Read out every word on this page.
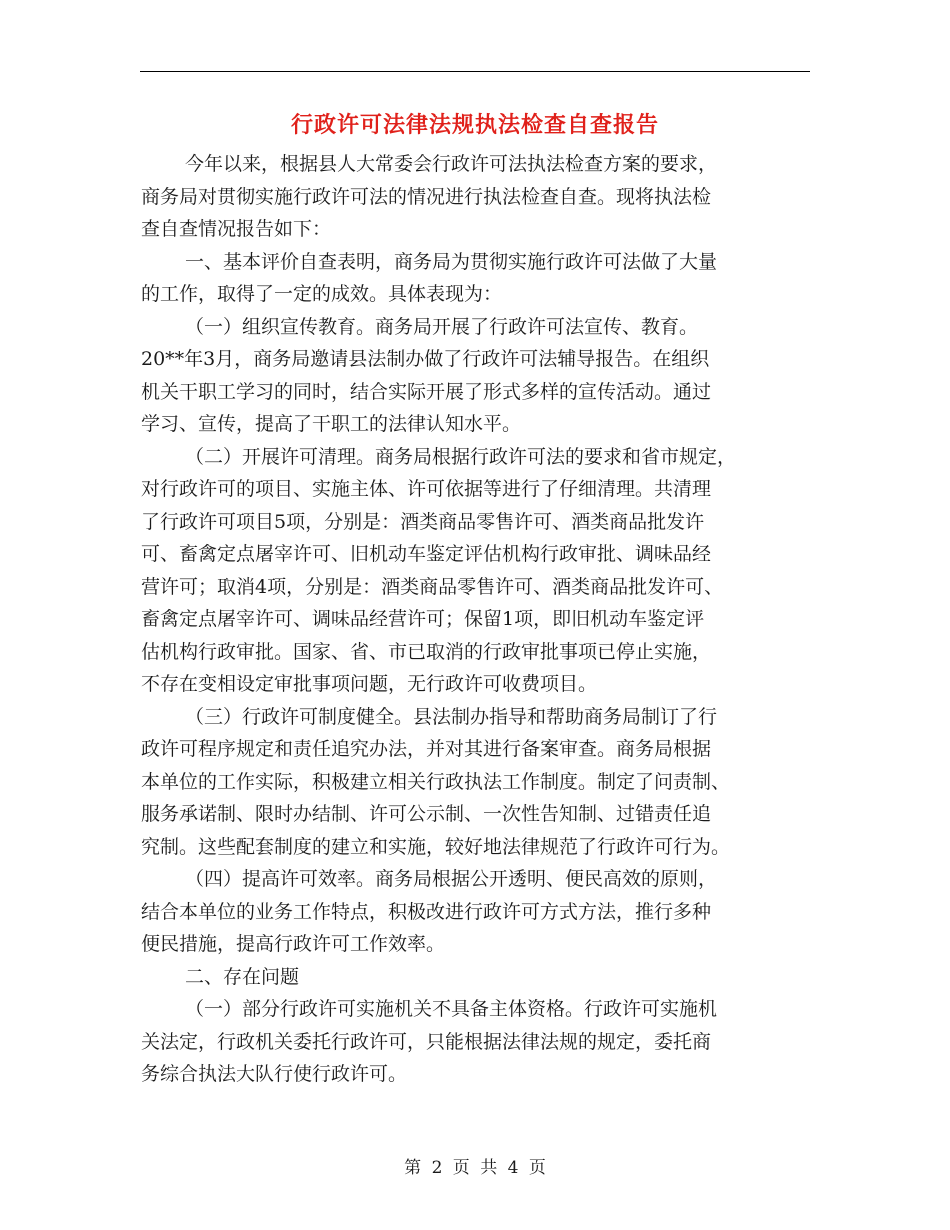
行政许可法律法规执法检查自查报告
今年以来，根据县人大常委会行政许可法执法检查方案的要求，
商务局对贯彻实施行政许可法的情况进行执法检查自查。现将执法检
查自查情况报告如下：
一、基本评价自查表明，商务局为贯彻实施行政许可法做了大量
的工作，取得了一定的成效。具体表现为：
（一）组织宣传教育。商务局开展了行政许可法宣传、教育。
20**年3月，商务局邀请县法制办做了行政许可法辅导报告。在组织
机关干职工学习的同时，结合实际开展了形式多样的宣传活动。通过
学习、宣传，提高了干职工的法律认知水平。
（二）开展许可清理。商务局根据行政许可法的要求和省市规定，
对行政许可的项目、实施主体、许可依据等进行了仔细清理。共清理
了行政许可项目5项，分别是：酒类商品零售许可、酒类商品批发许
可、畜禽定点屠宰许可、旧机动车鉴定评估机构行政审批、调味品经
营许可；取消4项，分别是：酒类商品零售许可、酒类商品批发许可、
畜禽定点屠宰许可、调味品经营许可；保留1项，即旧机动车鉴定评
估机构行政审批。国家、省、市已取消的行政审批事项已停止实施，
不存在变相设定审批事项问题，无行政许可收费项目。
（三）行政许可制度健全。县法制办指导和帮助商务局制订了行
政许可程序规定和责任追究办法，并对其进行备案审查。商务局根据
本单位的工作实际，积极建立相关行政执法工作制度。制定了问责制、
服务承诺制、限时办结制、许可公示制、一次性告知制、过错责任追
究制。这些配套制度的建立和实施，较好地法律规范了行政许可行为。
（四）提高许可效率。商务局根据公开透明、便民高效的原则，
结合本单位的业务工作特点，积极改进行政许可方式方法，推行多种
便民措施，提高行政许可工作效率。
二、存在问题
（一）部分行政许可实施机关不具备主体资格。行政许可实施机
关法定，行政机关委托行政许可，只能根据法律法规的规定，委托商
务综合执法大队行使行政许可。
第 2 页 共 4 页
